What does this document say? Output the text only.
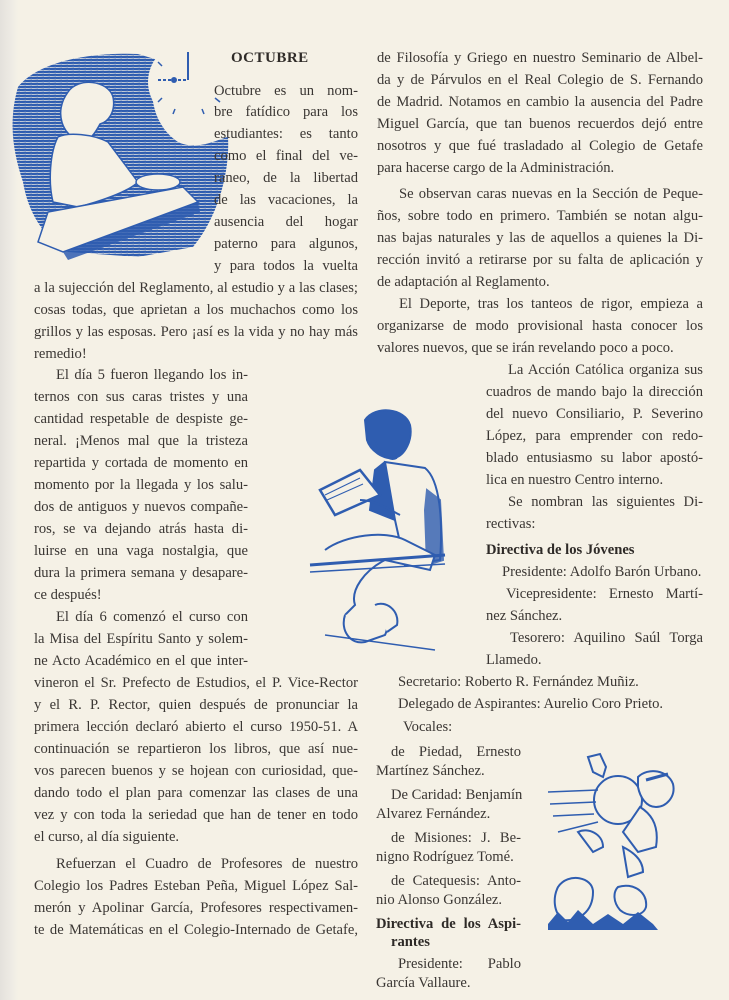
OCTUBRE
Octubre es un nom-
bre fatídico para los
estudiantes: es tanto
como el final del ve-
raneo, de la libertad
de las vacaciones, la
ausencia del hogar
paterno para algunos,
y para todos la vuelta
a la sujección del Reglamento, al estudio y a las clases;
cosas todas, que aprietan a los muchachos como los
grillos y las esposas. Pero ¡así es la vida y no hay más
remedio!
El día 5 fueron llegando los in-
ternos con sus caras tristes y una
cantidad respetable de despiste ge-
neral. ¡Menos mal que la tristeza
repartida y cortada de momento en
momento por la llegada y los salu-
dos de antiguos y nuevos compañe-
ros, se va dejando atrás hasta di-
luirse en una vaga nostalgia, que
dura la primera semana y desapare-
ce después!
El día 6 comenzó el curso con
la Misa del Espíritu Santo y solem-
ne Acto Académico en el que inter-
vineron el Sr. Prefecto de Estudios, el P. Vice-Rector
y el R. P. Rector, quien después de pronunciar la
primera lección declaró abierto el curso 1950-51. A
continuación se repartieron los libros, que así nue-
vos parecen buenos y se hojean con curiosidad, que-
dando todo el plan para comenzar las clases de una
vez y con toda la seriedad que han de tener en todo
el curso, al día siguiente.
Refuerzan el Cuadro de Profesores de nuestro
Colegio los Padres Esteban Peña, Miguel López Sal-
merón y Apolinar García, Profesores respectivamen-
te de Matemáticas en el Colegio-Internado de Getafe,
de Filosofía y Griego en nuestro Seminario de Albel-
da y de Párvulos en el Real Colegio de S. Fernando
de Madrid. Notamos en cambio la ausencia del Padre
Miguel García, que tan buenos recuerdos dejó entre
nosotros y que fué trasladado al Colegio de Getafe
para hacerse cargo de la Administración.
Se observan caras nuevas en la Sección de Peque-
ños, sobre todo en primero. También se notan algu-
nas bajas naturales y las de aquellos a quienes la Di-
rección invitó a retirarse por su falta de aplicación y
de adaptación al Reglamento.
El Deporte, tras los tanteos de rigor, empieza a
organizarse de modo provisional hasta conocer los
valores nuevos, que se irán revelando poco a poco.
La Acción Católica organiza sus
cuadros de mando bajo la dirección
del nuevo Consiliario, P. Severino
López, para emprender con redo-
blado entusiasmo su labor apostó-
lica en nuestro Centro interno.
Se nombran las siguientes Di-
rectivas:
Directiva de los Jóvenes
Presidente: Adolfo Barón Urbano.
Vicepresidente: Ernesto Martí-
nez Sánchez.
Tesorero: Aquilino Saúl Torga
Llamedo.
Secretario: Roberto R. Fernández Muñiz.
Delegado de Aspirantes: Aurelio Coro Prieto.
Vocales:
de Piedad, Ernesto
Martínez Sánchez.
De Caridad: Benjamín
Alvarez Fernández.
de Misiones: J. Be-
nigno Rodríguez Tomé.
de Catequesis: Anto-
nio Alonso González.
Directiva de los Aspi-
rantes
Presidente: Pablo
García Vallaure.
